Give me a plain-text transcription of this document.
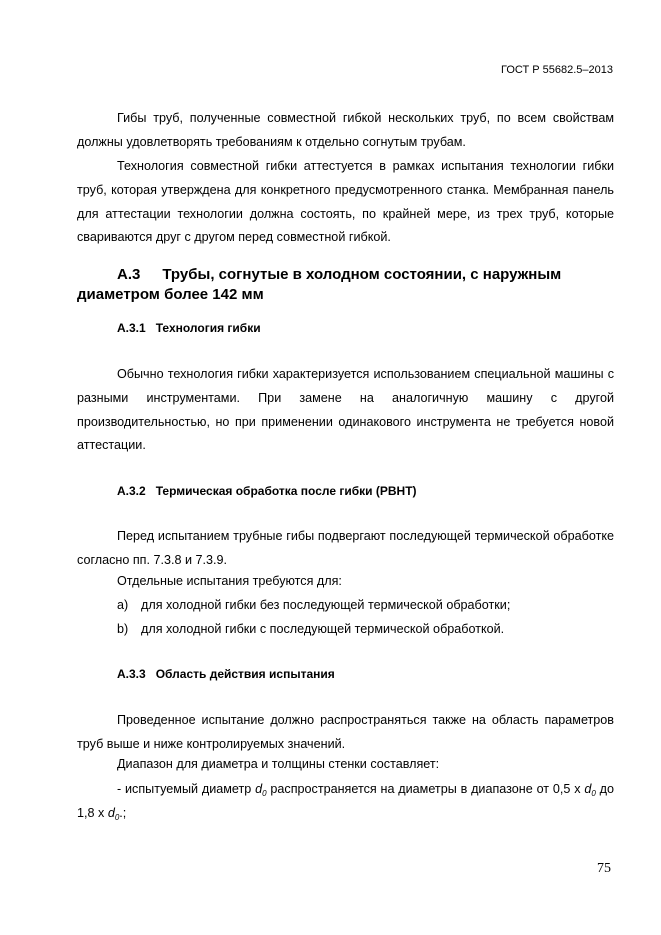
ГОСТ Р 55682.5–2013
Гибы труб, полученные совместной гибкой нескольких труб, по всем свойствам должны удовлетворять требованиям к отдельно согнутым трубам.
Технология совместной гибки аттестуется в рамках испытания технологии гибки труб, которая утверждена для конкретного предусмотренного станка. Мембранная панель для аттестации технологии должна состоять, по крайней мере, из трех труб, которые свариваются друг с другом перед совместной гибкой.
А.3 Трубы, согнутые в холодном состоянии, с наружным диаметром более 142 мм
А.3.1 Технология гибки
Обычно технология гибки характеризуется использованием специальной машины с разными инструментами. При замене на аналогичную машину с другой производительностью, но при применении одинакового инструмента не требуется новой аттестации.
А.3.2 Термическая обработка после гибки (PBHT)
Перед испытанием трубные гибы подвергают последующей термической обработке согласно пп. 7.3.8 и 7.3.9.
Отдельные испытания требуются для:
a) для холодной гибки без последующей термической обработки;
b) для холодной гибки с последующей термической обработкой.
А.3.3 Область действия испытания
Проведенное испытание должно распространяться также на область параметров труб выше и ниже контролируемых значений.
Диапазон для диаметра и толщины стенки составляет:
- испытуемый диаметр $d_0$ распространяется на диаметры в диапазоне от 0,5 х $d_0$ до 1,8 х $d_0$.;
75
